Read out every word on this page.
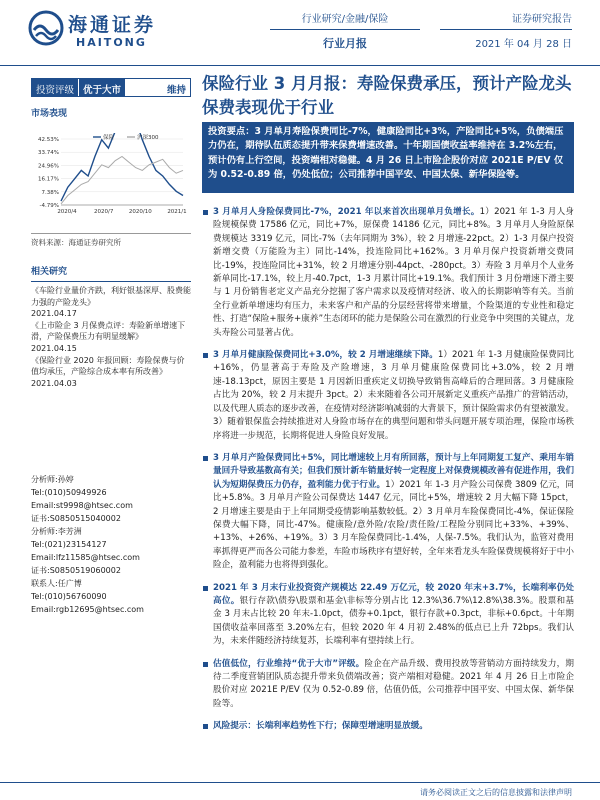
海通证券
HAITONG
行业研究/金融/保险
行业月报
证券研究报告
2021 年 04 月 28 日
投资评级 优于大市	维持
市场表现
42.53%
33.74%
24.96%
16.17%
7.38%
-4.79%
2020/4	2020/7	2020/10	2021/1
保险	沪深300
资料来源：海通证券研究所
相关研究
《车险行业量价齐跌，利好银基深厚、股费能力强的产险龙头》
2021.04.17
《上市险企 3 月保费点评：寿险新单增速下滑，产险保费压力有明显缓解》
2021.04.15
《保险行业 2020 年报回顾：寿险保费与价值均承压，产险综合成本率有所改善》
2021.04.03
分析师:孙婷
Tel:(010)50949926
Email:st9998@htsec.com
证书:S0850515040002
分析师:李芳洲
Tel:(021)23154127
Email:lfz11585@htsec.com
证书:S0850519060002
联系人:任广博
Tel:(010)56760090
Email:rgb12695@htsec.com
保险行业 3 月月报：寿险保费承压，预计产险龙头保费表现优于行业
投资要点：3 月单月寿险保费同比-7%，健康险同比+3%，产险同比+5%，负债端压力仍在，期待队伍质态提升带来保费增速改善。十年期国债收益率维持在 3.2%左右，预计仍有上行空间，投资端相对稳健。4 月 26 日上市险企股价对应 2021E P/EV 仅为 0.52-0.89 倍，仍处低位；公司推荐中国平安、中国太保、新华保险等。
3 月单月人身险保费同比-7%，2021 年以来首次出现单月负增长。1）2021 年 1-3 月人身险规模保费 17586 亿元，同比+7%，原保费 14186 亿元，同比+8%。3 月单月人身险原保费规模达 3319 亿元，同比-7%（去年同期为 3%），较 2 月增速-22pct。2）1-3 月保户投资新增交费（万能险为主）同比-14%，投连险同比+162%。3 月单月保户投资新增交费同比-19%，投连险同比+31%，较 2 月增速分别-44pct、-280pct。3）寿险 3 月单月个人业务新单同比-17.1%，较上月-40.7pct，1-3 月累计同比+19.1%。我们预计 3 月份增速下滑主要与 1 月份销售老定义产品充分挖掘了客户需求以及疫情对经济、收入的长期影响等有关。当前全行业新单增速均有压力，未来客户和产品的分层经营将带来增量，个险渠道的专业性和稳定性、打造“保险+服务+康养”生态闭环的能力是保险公司在激烈的行业竞争中突围的关键点，龙头寿险公司显著占优。
3 月单月健康险保费同比+3.0%，较 2 月增速继续下降。1）2021 年 1-3 月健康险保费同比+16%，仍显著高于寿险及产险增速，3 月单月健康险保费同比+3.0%，较 2 月增速-18.13pct，原因主要是 1 月因新旧重疾定义切换导致销售高峰后的合理回落。3 月健康险占比为 20%，较 2 月末提升 3pct。2）未来随着各公司开展新定义重疾产品推广的营销活动，以及代理人质态的逐步改善，在疫情对经济影响减弱的大背景下，预计保险需求仍有望被激发。3）随着银保监会持续推进对人身险市场存在的典型问题和带头问题开展专项治理，保险市场秩序将进一步规范，长期将促进人身险良好发展。
3 月单月产险保费同比+5%，同比增速较上月有所回落，预计与上年同期复工复产、乘用车销量回升导致基数高有关；但我们预计新车销量好转一定程度上对保费规模改善有促进作用，我们认为短期保费压力仍存，盈利能力优于行业。1）2021 年 1-3 月产险公司保费 3809 亿元，同比+5.8%。3 月单月产险公司保费达 1447 亿元，同比+5%，增速较 2 月大幅下降 15pct，2 月增速主要是由于上年同期受疫情影响基数较低。2）3 月单月车险保费同比-4%，保证保险保费大幅下降，同比-47%。健康险/意外险/农险/责任险/工程险分别同比+33%、+39%、+13%、+26%、+19%。3）3 月车险保费同比-1.4%，人保-7.5%。我们认为，监管对费用率抓得更严而各公司能力参差，车险市场秩序有望好转，全年来看龙头车险保费规模将好于中小险企，盈利能力也将得到强化。
2021 年 3 月末行业投资资产规模达 22.49 万亿元，较 2020 年末+3.7%，长端利率仍处高位。银行存款\债券\股票和基金\非标等分别占比 12.3%\36.7%\12.8%\38.3%。股票和基金 3 月末占比较 20 年末-1.0pct，债券+0.1pct，银行存款+0.3pct，非标+0.6pct。十年期国债收益率回落至 3.20%左右，但较 2020 年 4 月初 2.48%的低点已上升 72bps。我们认为，未来伴随经济持续复苏，长端利率有望持续上行。
估值低位，行业维持“优于大市”评级。险企在产品升级、费用投放等营销动方面持续发力，期待二季度营销团队质态提升带来负债端改善；资产端相对稳健。2021 年 4 月 26 日上市险企股价对应 2021E P/EV 仅为 0.52-0.89 倍，估值仍低，公司推荐中国平安、中国太保、新华保险等。
风险提示：长端利率趋势性下行；保障型增速明显放缓。
请务必阅读正文之后的信息披露和法律声明
